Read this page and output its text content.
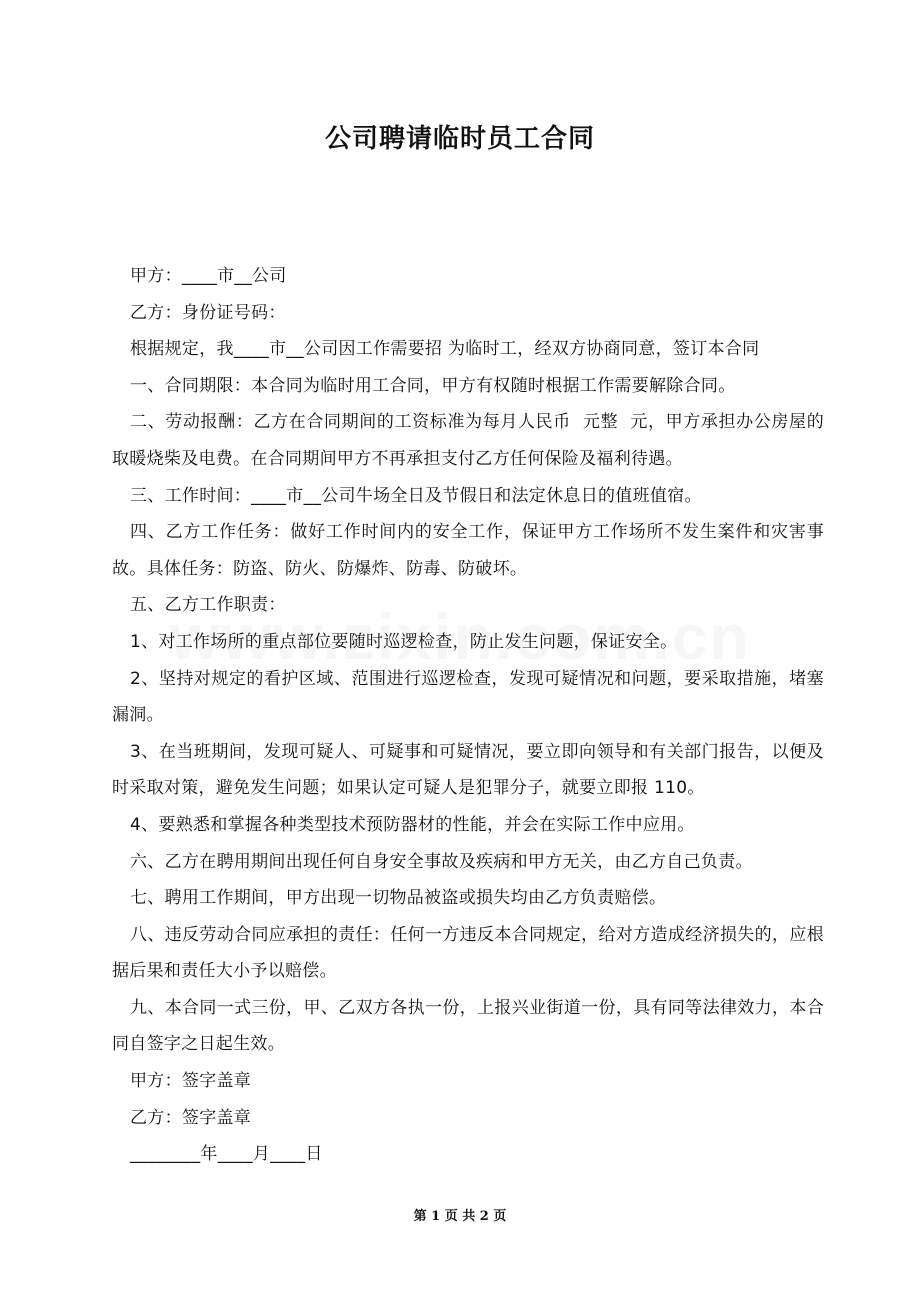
公司聘请临时员工合同

甲方：____市__公司

乙方：身份证号码：

根据规定，我____市__公司因工作需要招 为临时工，经双方协商同意，签订本合同

一、合同期限：本合同为临时用工合同，甲方有权随时根据工作需要解除合同。

二、劳动报酬：乙方在合同期间的工资标准为每月人民币  元整  元，甲方承担办公房屋的取暖烧柴及电费。在合同期间甲方不再承担支付乙方任何保险及福利待遇。

三、工作时间：____市__公司牛场全日及节假日和法定休息日的值班值宿。

四、乙方工作任务：做好工作时间内的安全工作，保证甲方工作场所不发生案件和灾害事故。具体任务：防盗、防火、防爆炸、防毒、防破坏。

五、乙方工作职责：

1、对工作场所的重点部位要随时巡逻检查，防止发生问题，保证安全。

2、坚持对规定的看护区域、范围进行巡逻检查，发现可疑情况和问题，要采取措施，堵塞漏洞。

3、在当班期间，发现可疑人、可疑事和可疑情况，要立即向领导和有关部门报告，以便及时采取对策，避免发生问题；如果认定可疑人是犯罪分子，就要立即报 110。

4、要熟悉和掌握各种类型技术预防器材的性能，并会在实际工作中应用。

六、乙方在聘用期间出现任何自身安全事故及疾病和甲方无关，由乙方自己负责。

七、聘用工作期间，甲方出现一切物品被盗或损失均由乙方负责赔偿。

八、违反劳动合同应承担的责任：任何一方违反本合同规定，给对方造成经济损失的，应根据后果和责任大小予以赔偿。

九、本合同一式三份，甲、乙双方各执一份，上报兴业街道一份，具有同等法律效力，本合同自签字之日起生效。

甲方：签字盖章

乙方：签字盖章

________年____月____日

第 1 页 共 2 页
